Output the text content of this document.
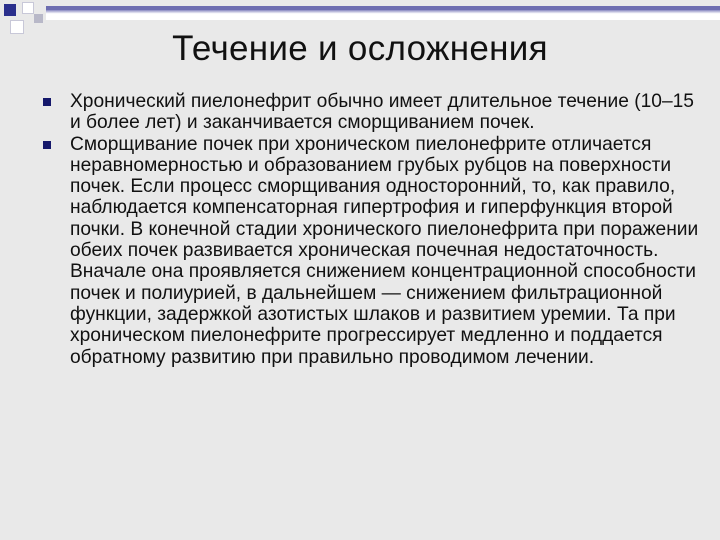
Течение и осложнения
Хронический пиелонефрит обычно имеет длительное течение (10–15 и более лет) и заканчивается сморщиванием почек.
Сморщивание почек при хроническом пиелонефрите отличается неравномерностью и образованием грубых рубцов на поверхности почек. Если процесс сморщивания односторонний, то, как правило, наблюдается компенсаторная гипертрофия и гиперфункция второй почки. В конечной стадии хронического пиелонефрита при поражении обеих почек развивается хроническая почечная недостаточность. Вначале она проявляется снижением концентрационной способности почек и полиурией, в дальнейшем — снижением фильтрационной функции, задержкой азотистых шлаков и развитием уремии. Та при хроническом пиелонефрите прогрессирует медленно и поддается обратному развитию при правильно проводимом лечении.
